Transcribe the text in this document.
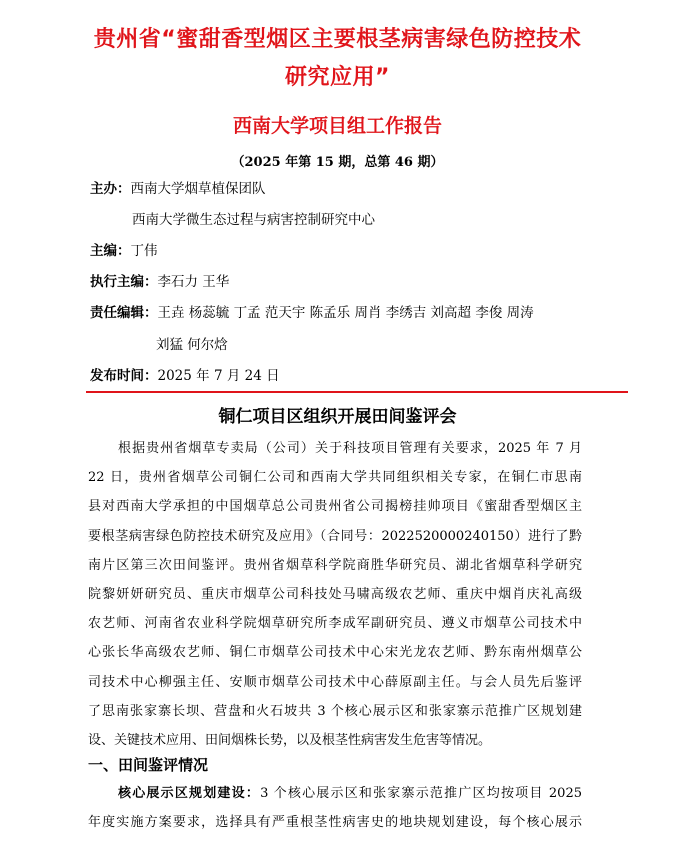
贵州省“蜜甜香型烟区主要根茎病害绿色防控技术
研究应用”
西南大学项目组工作报告
（2025 年第 15 期，总第 46 期）
主办：西南大学烟草植保团队
西南大学微生态过程与病害控制研究中心
主编：丁伟
执行主编：李石力 王华
责任编辑：王垚 杨蕊毓 丁孟 范天宇 陈孟乐 周肖 李绣吉 刘高超 李俊 周涛
刘猛 何尔焓
发布时间：2025 年 7 月 24 日
铜仁项目区组织开展田间鉴评会
根据贵州省烟草专卖局（公司）关于科技项目管理有关要求，2025 年 7 月
22 日，贵州省烟草公司铜仁公司和西南大学共同组织相关专家，在铜仁市思南
县对西南大学承担的中国烟草总公司贵州省公司揭榜挂帅项目《蜜甜香型烟区主
要根茎病害绿色防控技术研究及应用》（合同号：2022520000240150）进行了黔
南片区第三次田间鉴评。贵州省烟草科学院商胜华研究员、湖北省烟草科学研究
院黎妍妍研究员、重庆市烟草公司科技处马啸高级农艺师、重庆中烟肖庆礼高级
农艺师、河南省农业科学院烟草研究所李成军副研究员、遵义市烟草公司技术中
心张长华高级农艺师、铜仁市烟草公司技术中心宋光龙农艺师、黔东南州烟草公
司技术中心柳强主任、安顺市烟草公司技术中心薛原副主任。与会人员先后鉴评
了思南张家寨长坝、营盘和火石坡共 3 个核心展示区和张家寨示范推广区规划建
设、关键技术应用、田间烟株长势，以及根茎性病害发生危害等情况。
一、田间鉴评情况
核心展示区规划建设：3 个核心展示区和张家寨示范推广区均按项目 2025
年度实施方案要求，选择具有严重根茎性病害史的地块规划建设，每个核心展示
